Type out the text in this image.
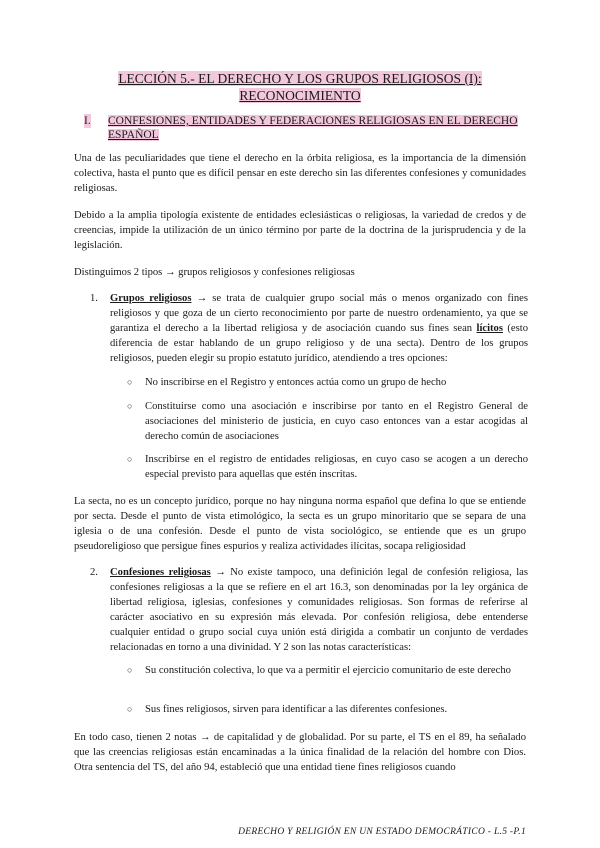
LECCIÓN 5.- EL DERECHO Y LOS GRUPOS RELIGIOSOS (I):
RECONOCIMIENTO
I. CONFESIONES, ENTIDADES Y FEDERACIONES RELIGIOSAS EN EL DERECHO ESPAÑOL
Una de las peculiaridades que tiene el derecho en la órbita religiosa, es la importancia de la dimensión colectiva, hasta el punto que es difícil pensar en este derecho sin las diferentes confesiones y comunidades religiosas.
Debido a la amplia tipología existente de entidades eclesiásticas o religiosas, la variedad de credos y de creencias, impide la utilización de un único término por parte de la doctrina de la jurisprudencia y de la legislación.
Distinguimos 2 tipos → grupos religiosos y confesiones religiosas
1. Grupos religiosos → se trata de cualquier grupo social más o menos organizado con fines religiosos y que goza de un cierto reconocimiento por parte de nuestro ordenamiento, ya que se garantiza el derecho a la libertad religiosa y de asociación cuando sus fines sean lícitos (esto diferencia de estar hablando de un grupo religioso y de una secta). Dentro de los grupos religiosos, pueden elegir su propio estatuto jurídico, atendiendo a tres opciones:
○ No inscribirse en el Registro y entonces actúa como un grupo de hecho
○ Constituirse como una asociación e inscribirse por tanto en el Registro General de asociaciones del ministerio de justicia, en cuyo caso entonces van a estar acogidas al derecho común de asociaciones
○ Inscribirse en el registro de entidades religiosas, en cuyo caso se acogen a un derecho especial previsto para aquellas que estén inscritas.
La secta, no es un concepto jurídico, porque no hay ninguna norma español que defina lo que se entiende por secta. Desde el punto de vista etimológico, la secta es un grupo minoritario que se separa de una iglesia o de una confesión. Desde el punto de vista sociológico, se entiende que es un grupo pseudoreligioso que persigue fines espurios y realiza actividades ilícitas, socapa religiosidad
2. Confesiones religiosas → No existe tampoco, una definición legal de confesión religiosa, las confesiones religiosas a la que se refiere en el art 16.3, son denominadas por la ley orgánica de libertad religiosa, iglesias, confesiones y comunidades religiosas. Son formas de referirse al carácter asociativo en su expresión más elevada. Por confesión religiosa, debe entenderse cualquier entidad o grupo social cuya unión está dirigida a combatir un conjunto de verdades relacionadas en torno a una divinidad. Y 2 son las notas características:
○ Su constitución colectiva, lo que va a permitir el ejercicio comunitario de este derecho
○ Sus fines religiosos, sirven para identificar a las diferentes confesiones.
En todo caso, tienen 2 notas → de capitalidad y de globalidad. Por su parte, el TS en el 89, ha señalado que las creencias religiosas están encaminadas a la única finalidad de la relación del hombre con Dios. Otra sentencia del TS, del año 94, estableció que una entidad tiene fines religiosos cuando
DERECHO Y RELIGIÓN EN UN ESTADO DEMOCRÁTICO - L.5 -P.1
